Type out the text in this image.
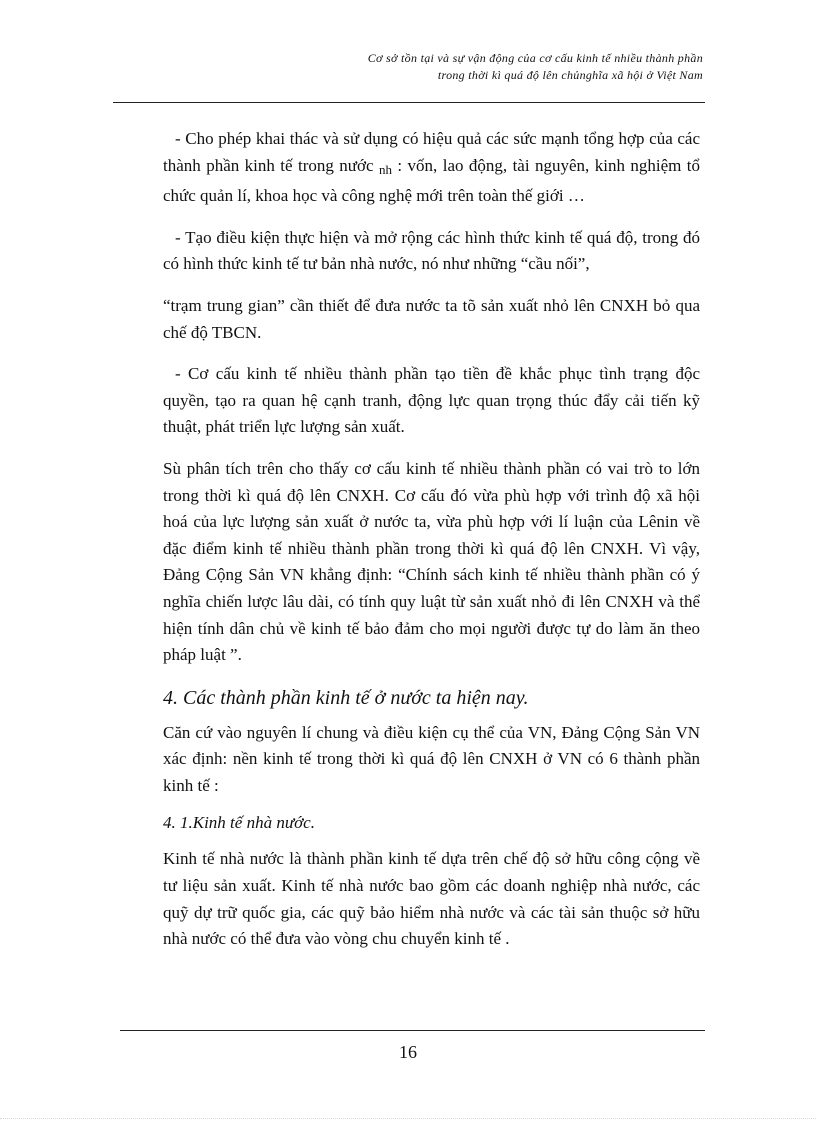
Cơ sở tồn tại và sự vận động của cơ cấu kinh tế nhiều thành phần
trong thời kì quá độ lên chủnghĩa xã hội ở Việt Nam

- Cho phép khai thác và sử dụng có hiệu quả các sức mạnh tổng hợp của các thành phần kinh tế trong nước nh : vốn, lao động, tài nguyên, kinh nghiệm tổ chức quản lí, khoa học và công nghệ mới trên toàn thế giới …

- Tạo điều kiện thực hiện và mở rộng các hình thức kinh tế quá độ, trong đó có hình thức kinh tế tư bản nhà nước, nó như những “cầu nối”,

“trạm trung gian” cần thiết để đưa nước ta tõ sản xuất nhỏ lên CNXH bỏ qua chế độ TBCN.

- Cơ cấu kinh tế nhiều thành phần tạo tiền đề khắc phục tình trạng độc quyền, tạo ra quan hệ cạnh tranh, động lực quan trọng thúc đẩy cải tiến kỹ thuật, phát triển lực lượng sản xuất.

Sù phân tích trên cho thấy cơ cấu kinh tế nhiều thành phần có vai trò to lớn trong thời kì quá độ lên CNXH. Cơ cấu đó vừa phù hợp với trình độ xã hội hoá của lực lượng sản xuất ở nước ta, vừa phù hợp với lí luận của Lênin về đặc điểm kinh tế nhiều thành phần trong thời kì quá độ lên CNXH. Vì vậy, Đảng Cộng Sản VN khẳng định: “Chính sách kinh tế nhiều thành phần có ý nghĩa chiến lược lâu dài, có tính quy luật từ sản xuất nhỏ đi lên CNXH và thể hiện tính dân chủ về kinh tế bảo đảm cho mọi người được tự do làm ăn theo pháp luật ”.

4. Các thành phần kinh tế ở nước ta hiện nay.

Căn cứ vào nguyên lí chung và điều kiện cụ thể của VN, Đảng Cộng Sản VN xác định: nền kinh tế trong thời kì quá độ lên CNXH ở VN có 6 thành phần kinh tế :

4. 1.Kinh tế nhà nước.

Kinh tế nhà nước là thành phần kinh tế dựa trên chế độ sở hữu công cộng về tư liệu sản xuất. Kinh tế nhà nước bao gồm các doanh nghiệp nhà nước, các quỹ dự trữ quốc gia, các quỹ bảo hiểm nhà nước và các tài sản thuộc sở hữu nhà nước có thể đưa vào vòng chu chuyển kinh tế .

16
